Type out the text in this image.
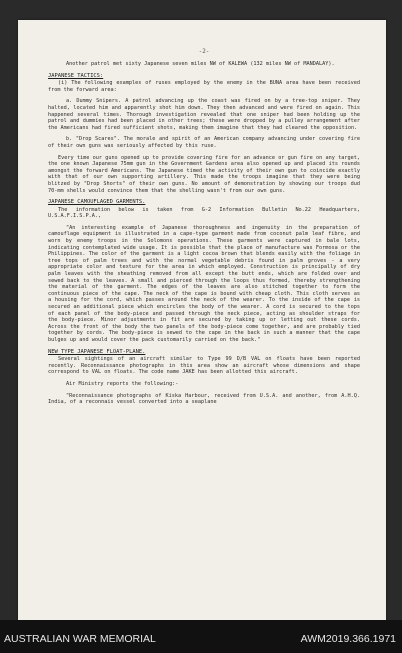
-2-

Another patrol met sixty Japanese seven miles NW of KALEWA (132 miles NW of MANDALAY).

JAPANESE TACTICS:

(i) The following examples of ruses employed by the enemy in the BUNA area have been received from the forward area:

a. Dummy Snipers. A patrol advancing up the coast was fired on by a tree-top sniper. They halted, located him and apparently shot him down. They then advanced and were fired on again. This happened several times. Thorough investigation revealed that one sniper had been holding up the patrol and dummies had been placed in other trees; these were dropped by a pulley arrangement after the Americans had fired sufficient shots, making them imagine that they had cleared the opposition.

b. "Drop Scares". The morale and spirit of an American company advancing under covering fire of their own guns was seriously affected by this ruse.

Every time our guns opened up to provide covering fire for an advance or gun fire on any target, the one known Japanese 75mm gun in the Government Gardens area also opened up and placed its rounds amongst the forward Americans. The Japanese timed the activity of their own gun to coincide exactly with that of our own supporting artillery. This made the troops imagine that they were being blitzed by "Drop Shorts" of their own guns. No amount of demonstration by showing our troops dud 70-mm shells would convince them that the shelling wasn't from our own guns.

JAPANESE CAMOUFLAGED GARMENTS.

The information below is taken from G-2 Information Bulletin No.22 Headquarters, U.S.A.F.I.S.P.A.,

"An interesting example of Japanese thoroughness and ingenuity in the preparation of camouflage equipment is illustrated in a cape-type garment made from coconut palm leaf fibre, and worn by enemy troops in the Solomons operations. These garments were captured in bale lots, indicating contemplated wide usage. It is possible that the place of manufacture was Formosa or the Philippines. The color of the garment is a light cocoa brown that blends easily with the foliage in tree tops of palm trees and with the normal vegetable debris found in palm groves - a very appropriate color and texture for the area in which employed. Construction is principally of dry palm leaves with the sheathing removed from all except the butt ends, which are folded over and sewed back to the leaves. A small and pierced through the loops thus formed, thereby strengthening the material of the garment. The edges of the leaves are also stitched together to form the continuous piece of the cape. The neck of the cape is bound with cheap cloth. This cloth serves as a housing for the cord, which passes around the neck of the wearer. To the inside of the cape is secured an additional piece which encircles the body of the wearer. A cord is secured to the tops of each panel of the body-piece and passed through the neck piece, acting as shoulder straps for the body-piece. Minor adjustments in fit are secured by taking up or letting out these cords. Across the front of the body the two panels of the body-piece come together, and are probably tied together by cords. The body-piece is sewed to the cape in the back in such a manner that the cape bulges up and would cover the pack customarily carried on the back."

NEW TYPE JAPANESE FLOAT-PLANE.

Several sightings of an aircraft similar to Type 99 D/B VAL on floats have been reported recently. Reconnaissance photographs in this area show an aircraft whose dimensions and shape correspond to VAL on floats. The code name JAKE has been allotted this aircraft.

Air Ministry reports the following:-

"Reconnaissance photographs of Kiska Harbour, received from U.S.A. and another, from A.H.Q. India, of a reconnais vessel converted into a seaplane

AUSTRALIAN WAR MEMORIAL	AWM2019.366.1971
